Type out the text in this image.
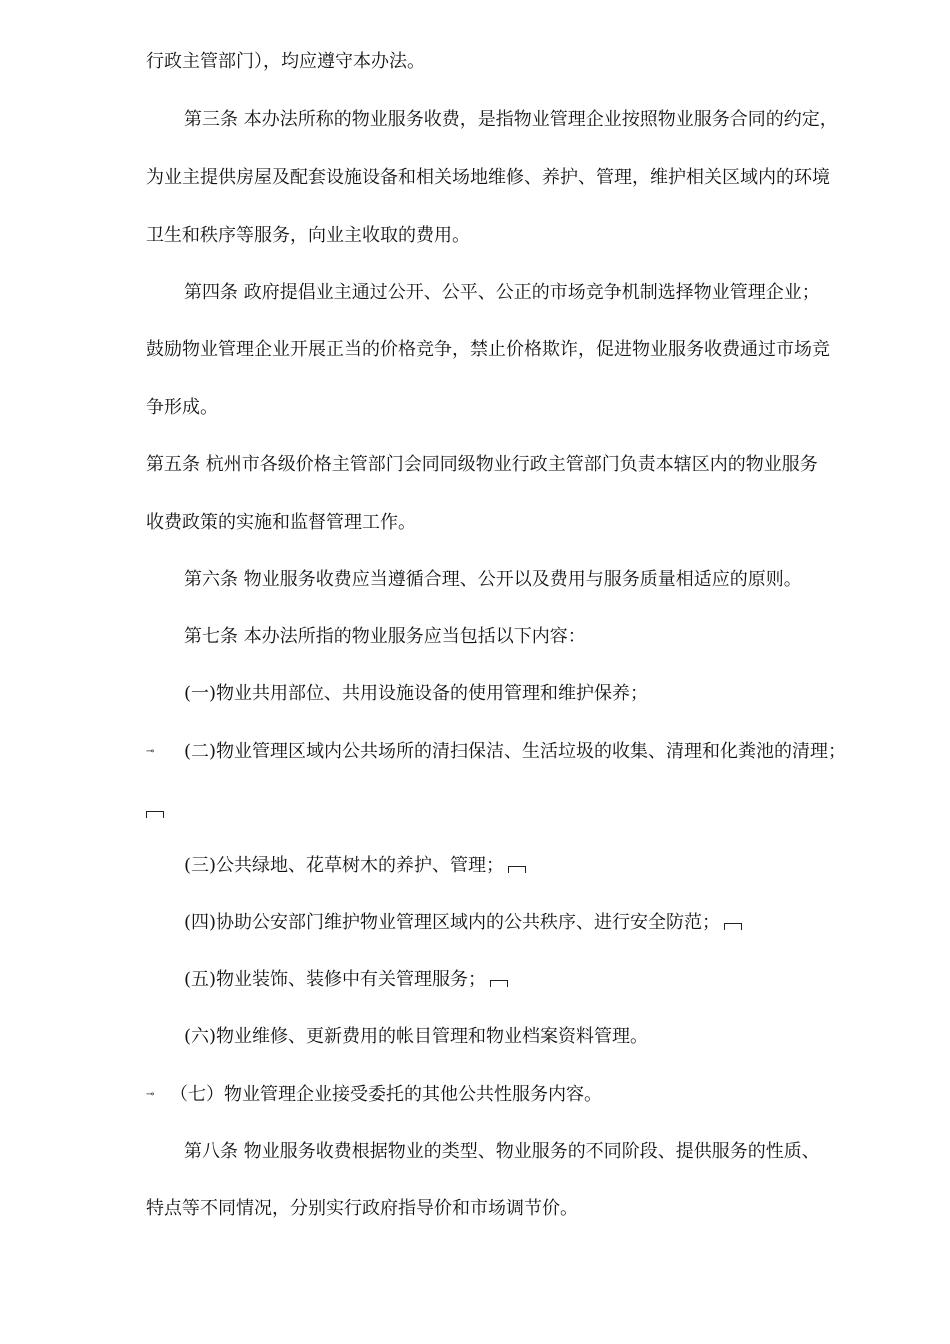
行政主管部门），均应遵守本办法。
第三条 本办法所称的物业服务收费，是指物业管理企业按照物业服务合同的约定，
为业主提供房屋及配套设施设备和相关场地维修、养护、管理，维护相关区域内的环境
卫生和秩序等服务，向业主收取的费用。
第四条 政府提倡业主通过公开、公平、公正的市场竞争机制选择物业管理企业；
鼓励物业管理企业开展正当的价格竞争，禁止价格欺诈，促进物业服务收费通过市场竞
争形成。
第五条 杭州市各级价格主管部门会同同级物业行政主管部门负责本辖区内的物业服务
收费政策的实施和监督管理工作。
第六条 物业服务收费应当遵循合理、公开以及费用与服务质量相适应的原则。
第七条 本办法所指的物业服务应当包括以下内容：
(一)物业共用部位、共用设施设备的使用管理和维护保养；
⊸ (二)物业管理区域内公共场所的清扫保洁、生活垃圾的收集、清理和化粪池的清理；
(三)公共绿地、花草树木的养护、管理；
(四)协助公安部门维护物业管理区域内的公共秩序、进行安全防范；
(五)物业装饰、装修中有关管理服务；
(六)物业维修、更新费用的帐目管理和物业档案资料管理。
⊸ （七）物业管理企业接受委托的其他公共性服务内容。
第八条 物业服务收费根据物业的类型、物业服务的不同阶段、提供服务的性质、
特点等不同情况，分别实行政府指导价和市场调节价。
